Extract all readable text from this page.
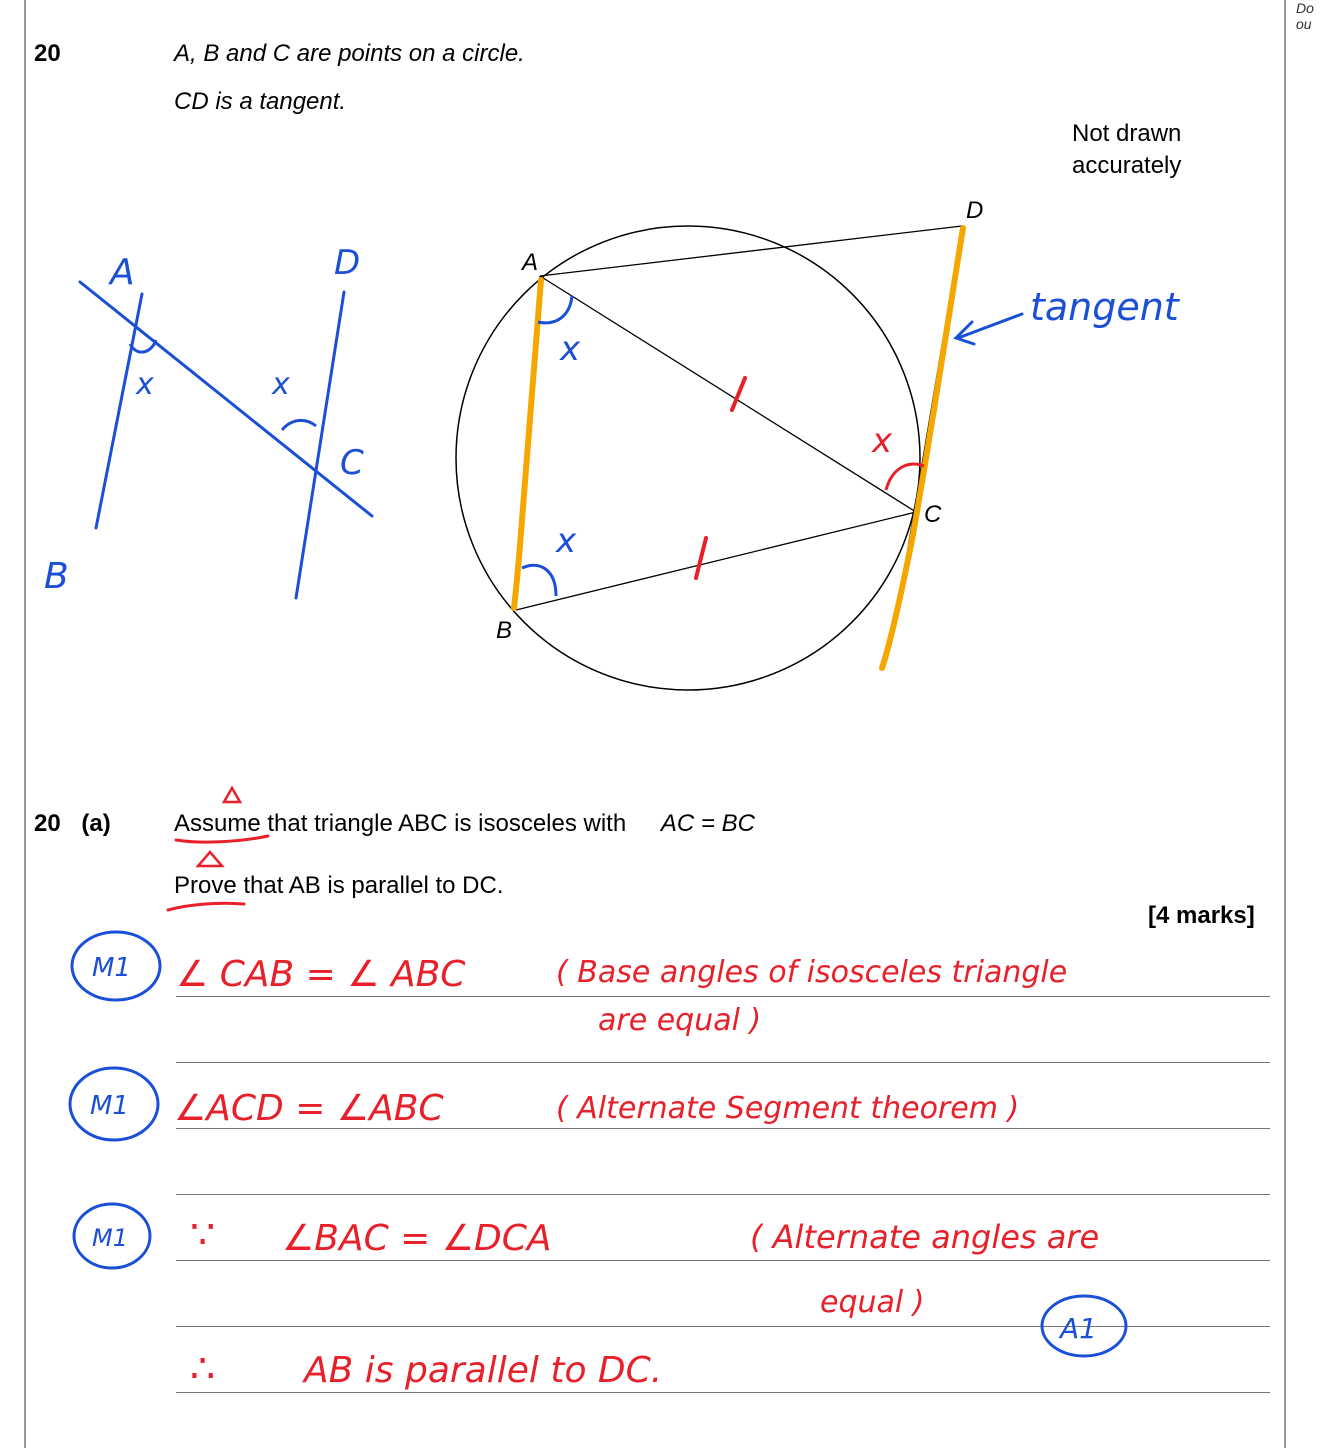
Do
ou
20	A, B and C are points on a circle.
CD is a tangent.
Not drawn
accurately
A
B
C
D
x
x
x
tangent
A
B
C
D
x	x
20 (a)	Assume that triangle ABC is isosceles with AC = BC
Prove that AB is parallel to DC.
[4 marks]
M1
M1
M1
A1
∠ CAB = ∠ ABC	( Base angles of isosceles triangle
are equal )
∠ACD = ∠ABC	( Alternate Segment theorem )
∵ ∠BAC = ∠DCA	( Alternate angles are
equal )
∴ AB is parallel to DC.
